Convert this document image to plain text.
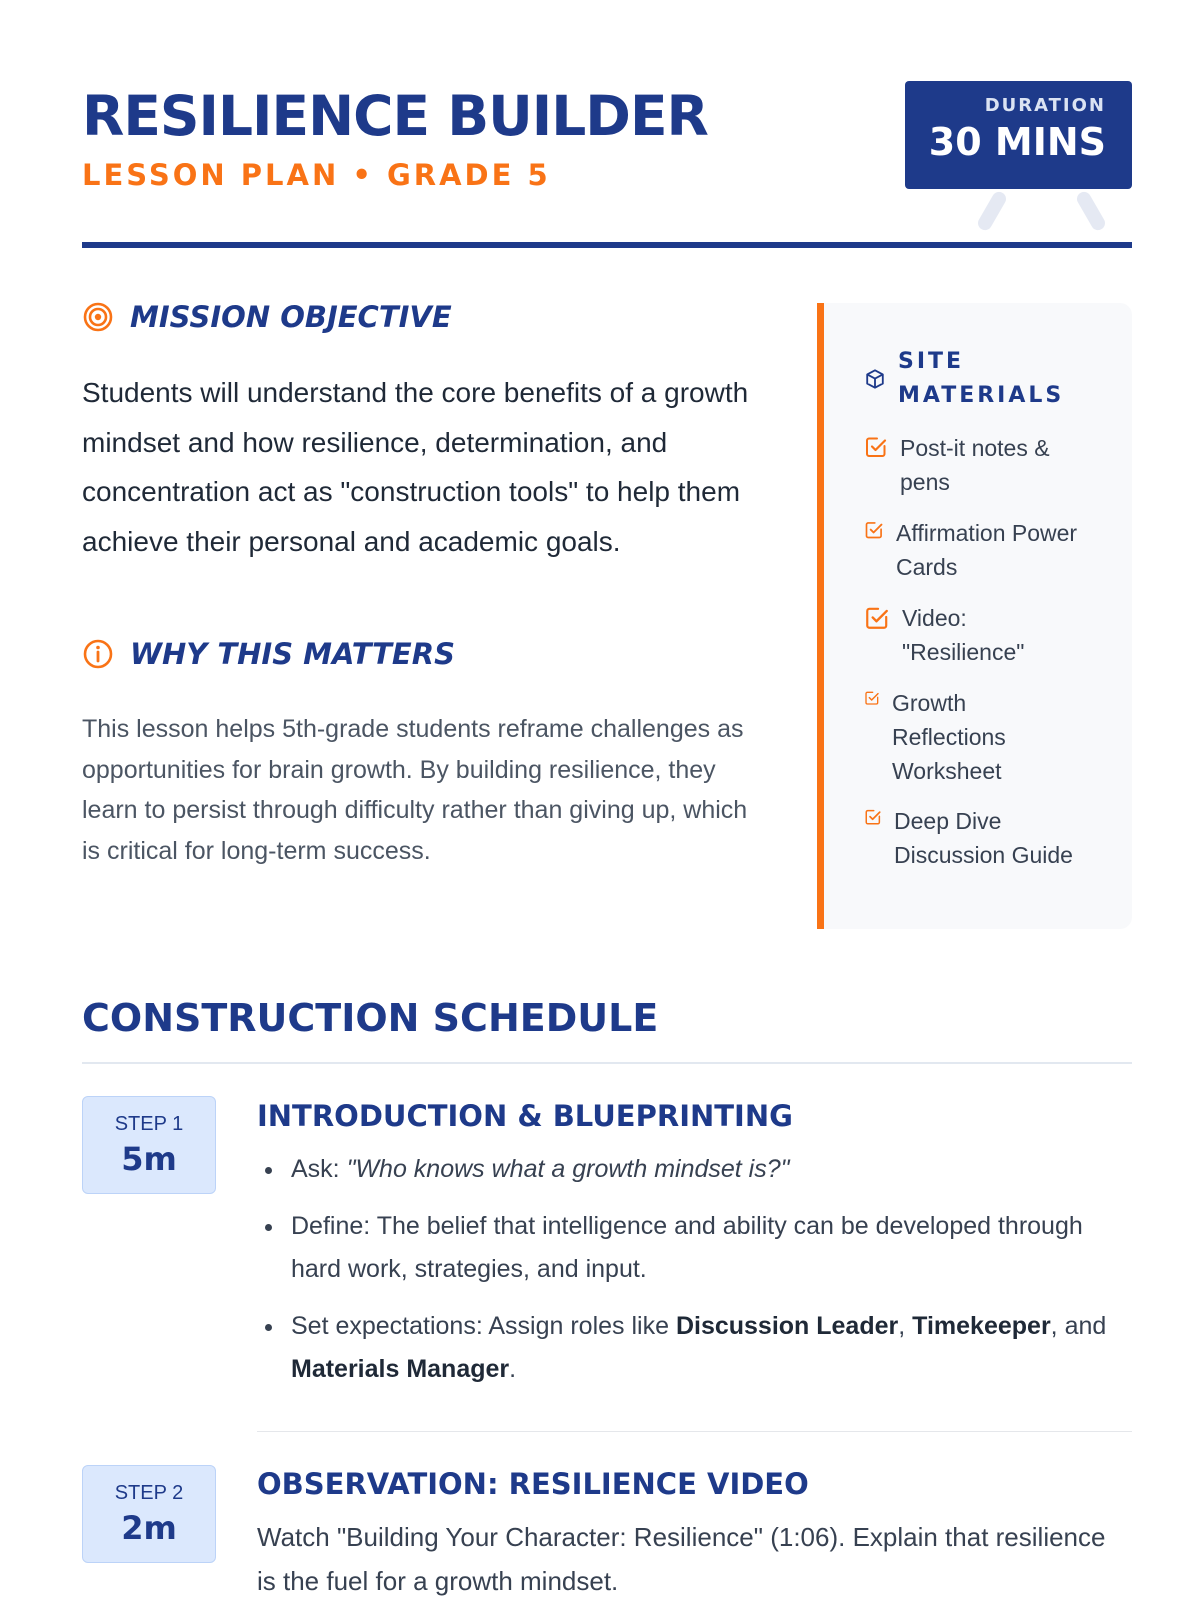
RESILIENCE BUILDER
LESSON PLAN • GRADE 5
DURATION
30 MINS
MISSION OBJECTIVE

Students will understand the core benefits of a growth mindset and how resilience, determination, and concentration act as "construction tools" to help them achieve their personal and academic goals.

WHY THIS MATTERS

This lesson helps 5th-grade students reframe challenges as opportunities for brain growth. By building resilience, they learn to persist through difficulty rather than giving up, which is critical for long-term success.

SITE MATERIALS
Post-it notes & pens
Affirmation Power Cards
Video: "Resilience"
Growth Reflections Worksheet
Deep Dive Discussion Guide
CONSTRUCTION SCHEDULE
STEP 1
5m
INTRODUCTION & BLUEPRINTING
Ask: "Who knows what a growth mindset is?"
Define: The belief that intelligence and ability can be developed through hard work, strategies, and input.
Set expectations: Assign roles like Discussion Leader, Timekeeper, and Materials Manager.
STEP 2
2m
OBSERVATION: RESILIENCE VIDEO

Watch "Building Your Character: Resilience" (1:06). Explain that resilience is the fuel for a growth mindset.
